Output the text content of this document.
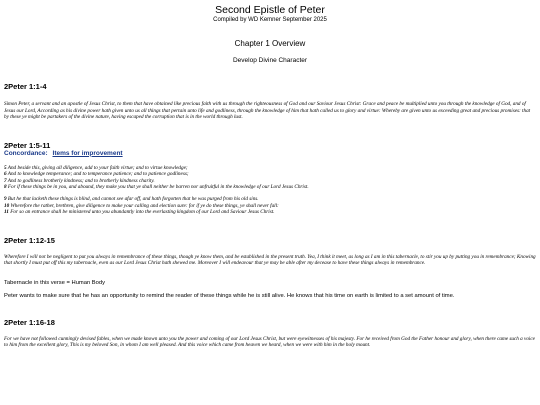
Second Epistle of Peter
Compiled by WD Kemner September 2025
Chapter 1 Overview
Develop Divine Character
2Peter 1:1-4
Simon Peter, a servant and an apostle of Jesus Christ, to them that have obtained like precious faith with us through the righteousness of God and our Saviour Jesus Christ: Grace and peace be multiplied unto you through the knowledge of God, and of Jesus our Lord, According as his divine power hath given unto us all things that pertain unto life and godliness, through the knowledge of him that hath called us to glory and virtue: Whereby are given unto us exceeding great and precious promises: that by these ye might be partakers of the divine nature, having escaped the corruption that is in the world through lust.
2Peter 1:5-11
Concordance: Items for improvement
5 And beside this, giving all diligence, add to your faith virtue; and to virtue knowledge;
6 And to knowledge temperance; and to temperance patience; and to patience godliness;
7 And to godliness brotherly kindness; and to brotherly kindness charity.
8 For if these things be in you, and abound, they make you that ye shall neither be barren nor unfruitful in the knowledge of our Lord Jesus Christ.
9 But he that lacketh these things is blind, and cannot see afar off, and hath forgotten that he was purged from his old sins.
10 Wherefore the rather, brethren, give diligence to make your calling and election sure: for if ye do these things, ye shall never fall:
11 For so an entrance shall be ministered unto you abundantly into the everlasting kingdom of our Lord and Saviour Jesus Christ.
2Peter 1:12-15
Wherefore I will not be negligent to put you always in remembrance of these things, though ye know them, and be established in the present truth. Yea, I think it meet, as long as I am in this tabernacle, to stir you up by putting you in remembrance; Knowing that shortly I must put off this my tabernacle, even as our Lord Jesus Christ hath shewed me. Moreover I will endeavour that ye may be able after my decease to have these things always in remembrance.
Tabernacle in this verse = Human Body
Peter wants to make sure that he has an opportunity to remind the reader of these things while he is still alive. He knows that his time on earth is limited to a set amount of time.
2Peter 1:16-18
For we have not followed cunningly devised fables, when we made known unto you the power and coming of our Lord Jesus Christ, but were eyewitnesses of his majesty. For he received from God the Father honour and glory, when there came such a voice to him from the excellent glory, This is my beloved Son, in whom I am well pleased. And this voice which came from heaven we heard, when we were with him in the holy mount.
